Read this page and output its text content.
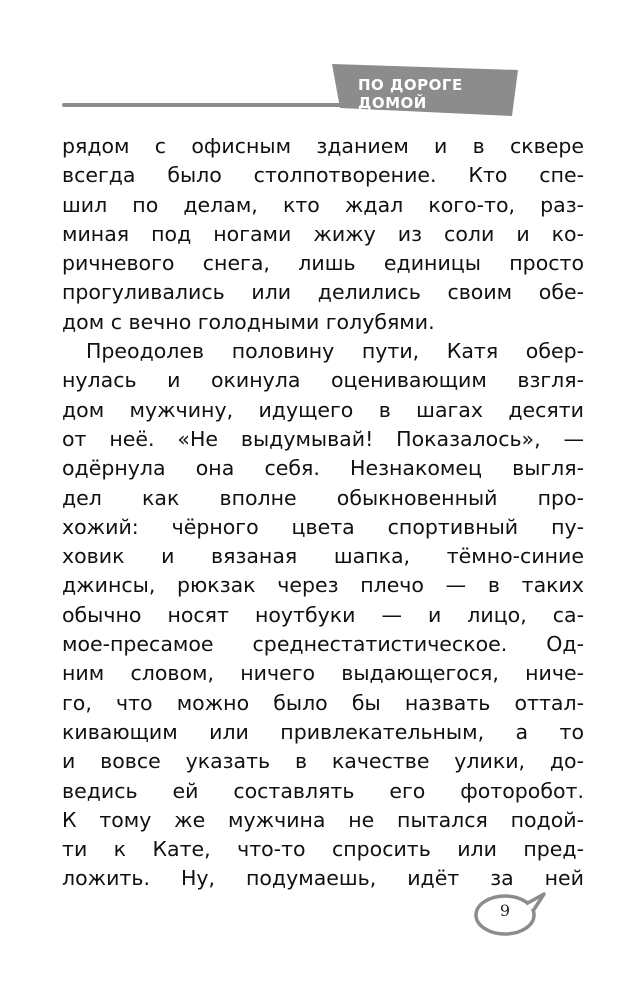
ПО ДОРОГЕ ДОМОЙ
рядом с офисным зданием и в сквере
всегда было столпотворение. Кто спе-
шил по делам, кто ждал кого-то, раз-
миная под ногами жижу из соли и ко-
ричневого снега, лишь единицы просто
прогуливались или делились своим обе-
дом с вечно голодными голубями.
Преодолев половину пути, Катя обер-
нулась и окинула оценивающим взгля-
дом мужчину, идущего в шагах десяти
от неё. «Не выдумывай! Показалось», —
одёрнула она себя. Незнакомец выгля-
дел как вполне обыкновенный про-
хожий: чёрного цвета спортивный пу-
ховик и вязаная шапка, тёмно-синие
джинсы, рюкзак через плечо — в таких
обычно носят ноутбуки — и лицо, са-
мое-пресамое среднестатистическое. Од-
ним словом, ничего выдающегося, ниче-
го, что можно было бы назвать оттал-
кивающим или привлекательным, а то
и вовсе указать в качестве улики, до-
ведись ей составлять его фоторобот.
К тому же мужчина не пытался подой-
ти к Кате, что-то спросить или пред-
ложить. Ну, подумаешь, идёт за ней
9
